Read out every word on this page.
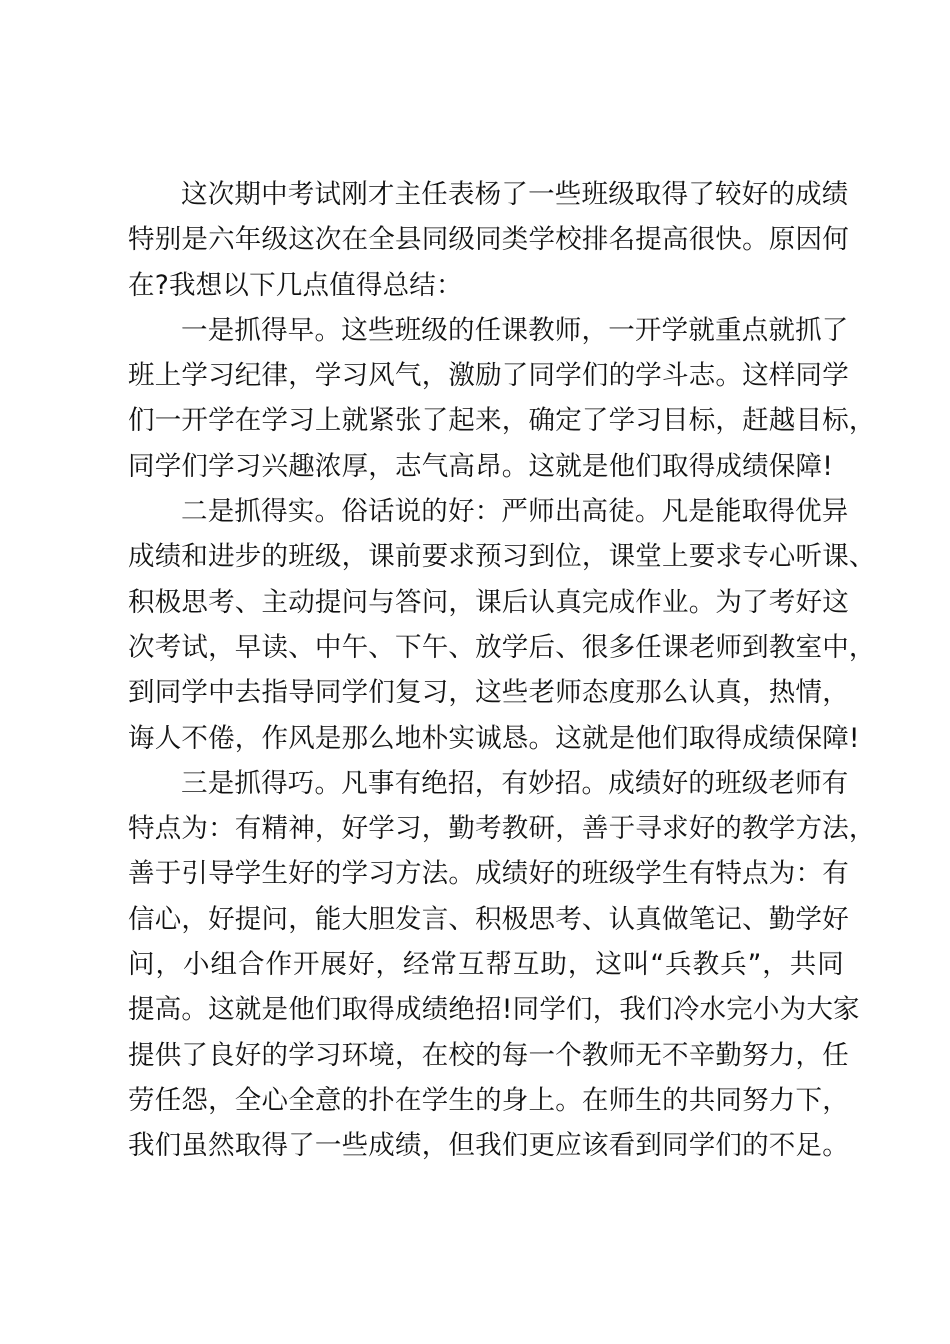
这次期中考试刚才主任表杨了一些班级取得了较好的成绩
特别是六年级这次在全县同级同类学校排名提高很快。原因何
在?我想以下几点值得总结：
一是抓得早。这些班级的任课教师，一开学就重点就抓了
班上学习纪律，学习风气，激励了同学们的学斗志。这样同学
们一开学在学习上就紧张了起来，确定了学习目标，赶越目标，
同学们学习兴趣浓厚，志气高昂。这就是他们取得成绩保障!
二是抓得实。俗话说的好：严师出高徒。凡是能取得优异
成绩和进步的班级，课前要求预习到位，课堂上要求专心听课、
积极思考、主动提问与答问，课后认真完成作业。为了考好这
次考试，早读、中午、下午、放学后、很多任课老师到教室中，
到同学中去指导同学们复习，这些老师态度那么认真，热情，
诲人不倦，作风是那么地朴实诚恳。这就是他们取得成绩保障!
三是抓得巧。凡事有绝招，有妙招。成绩好的班级老师有
特点为：有精神，好学习，勤考教研，善于寻求好的教学方法，
善于引导学生好的学习方法。成绩好的班级学生有特点为：有
信心，好提问，能大胆发言、积极思考、认真做笔记、勤学好
问，小组合作开展好，经常互帮互助，这叫“兵教兵”，共同
提高。这就是他们取得成绩绝招!同学们，我们冷水完小为大家
提供了良好的学习环境，在校的每一个教师无不辛勤努力，任
劳任怨，全心全意的扑在学生的身上。在师生的共同努力下，
我们虽然取得了一些成绩，但我们更应该看到同学们的不足。
